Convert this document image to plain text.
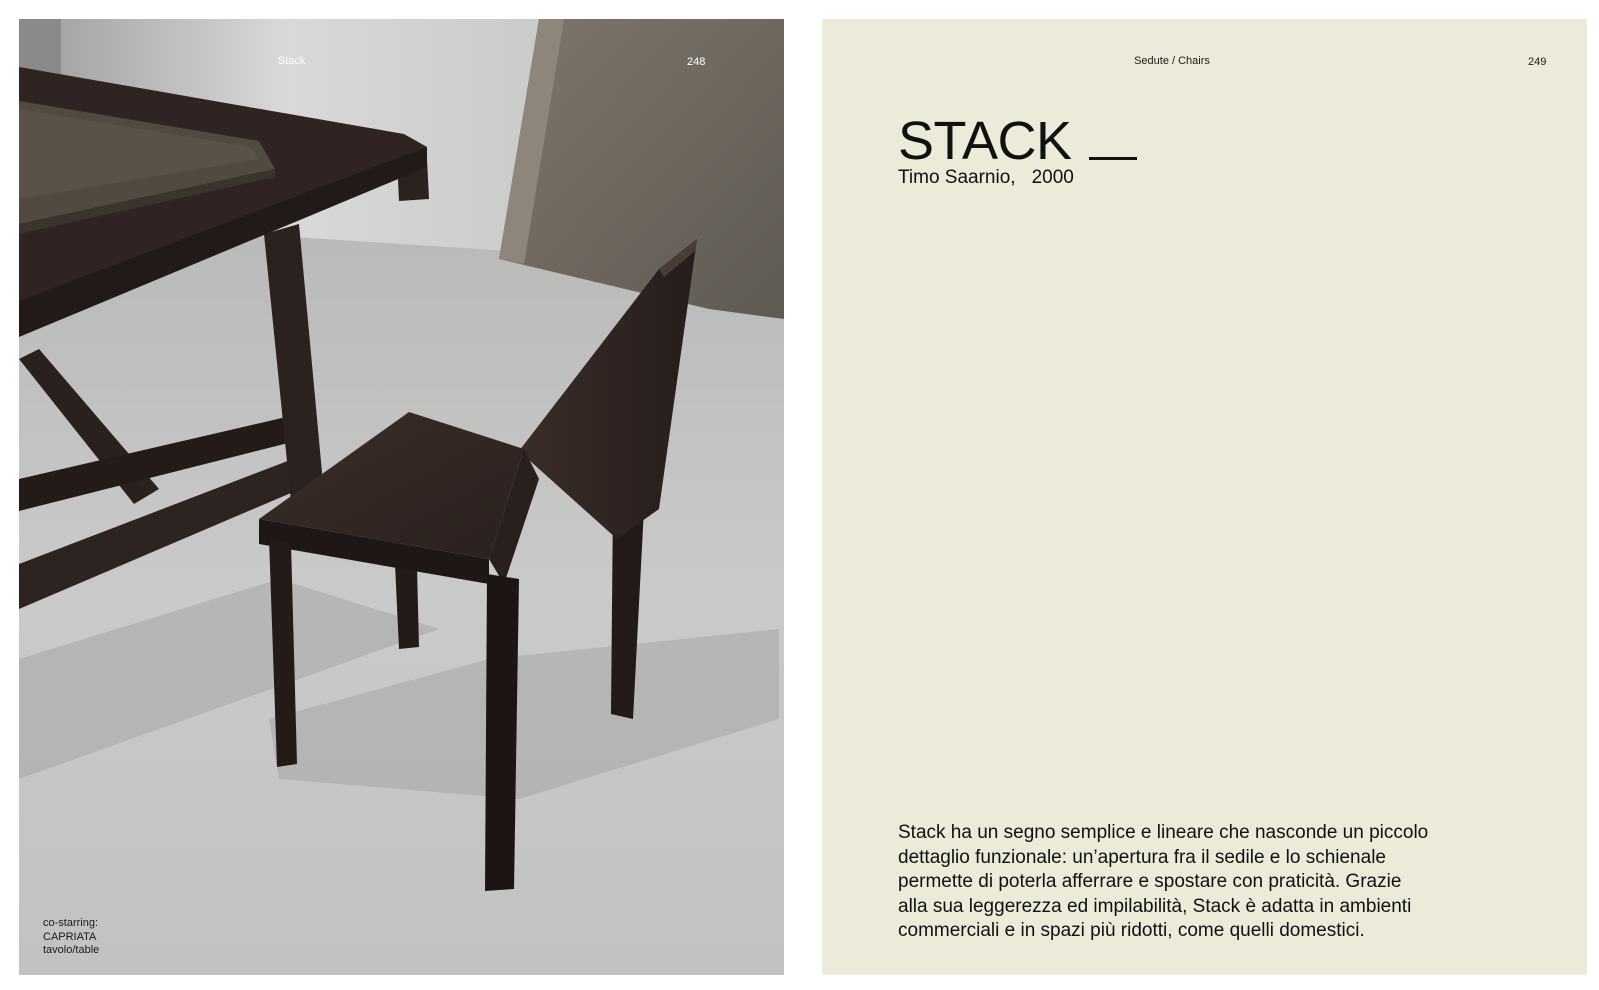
Stack	248
co-starring:
CAPRIATA
tavolo/table
Sedute / Chairs	249
STACK
Timo Saarnio, 2000
Stack ha un segno semplice e lineare che nasconde un piccolo
dettaglio funzionale: un’apertura fra il sedile e lo schienale
permette di poterla afferrare e spostare con praticità. Grazie
alla sua leggerezza ed impilabilità, Stack è adatta in ambienti
commerciali e in spazi più ridotti, come quelli domestici.
